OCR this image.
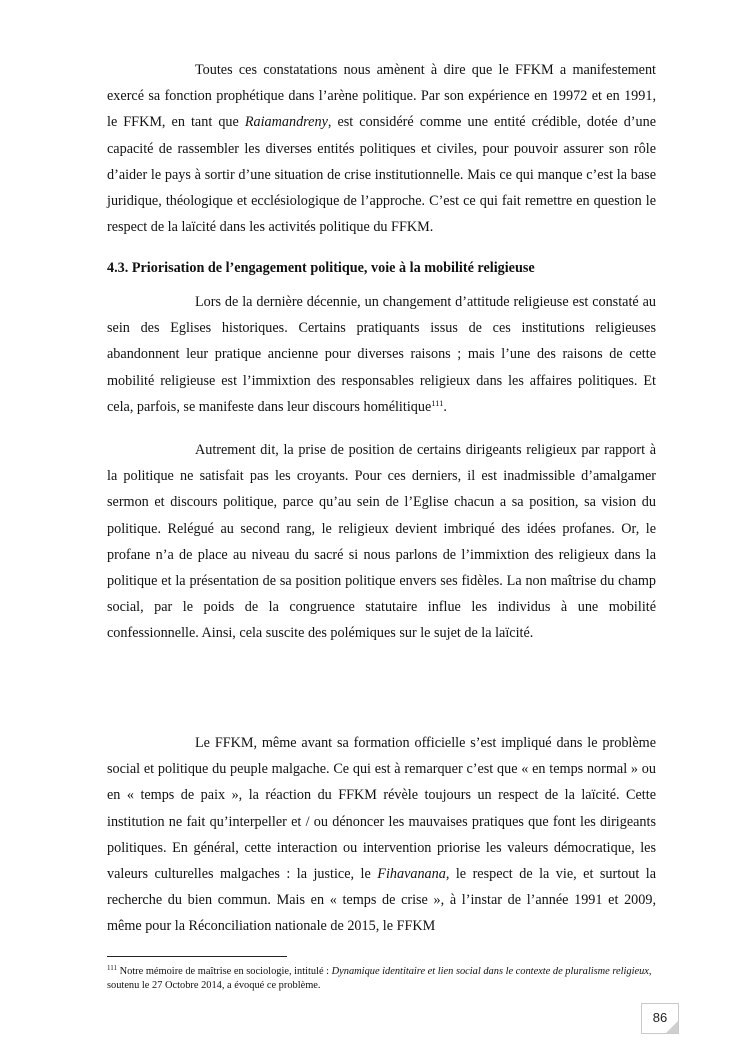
Toutes ces constatations nous amènent à dire que le FFKM a manifestement exercé sa fonction prophétique dans l’arène politique. Par son expérience en 19972 et en 1991, le FFKM, en tant que Raiamandreny, est considéré comme une entité crédible, dotée d’une capacité de rassembler les diverses entités politiques et civiles, pour pouvoir assurer son rôle d’aider le pays à sortir d’une situation de crise institutionnelle. Mais ce qui manque c’est la base juridique, théologique et ecclésiologique de l’approche. C’est ce qui fait remettre en question le respect de la laïcité dans les activités politique du FFKM.

4.3. Priorisation de l’engagement politique, voie à la mobilité religieuse

Lors de la dernière décennie, un changement d’attitude religieuse est constaté au sein des Eglises historiques. Certains pratiquants issus de ces institutions religieuses abandonnent leur pratique ancienne pour diverses raisons ; mais l’une des raisons de cette mobilité religieuse est l’immixtion des responsables religieux dans les affaires politiques. Et cela, parfois, se manifeste dans leur discours homélitique$^{111}$.

Autrement dit, la prise de position de certains dirigeants religieux par rapport à la politique ne satisfait pas les croyants. Pour ces derniers, il est inadmissible d’amalgamer sermon et discours politique, parce qu’au sein de l’Eglise chacun a sa position, sa vision du politique. Relégué au second rang, le religieux devient imbriqué des idées profanes. Or, le profane n’a de place au niveau du sacré si nous parlons de l’immixtion des religieux dans la politique et la présentation de sa position politique envers ses fidèles. La non maîtrise du champ social, par le poids de la congruence statutaire influe les individus à une mobilité confessionnelle. Ainsi, cela suscite des polémiques sur le sujet de la laïcité.

Le FFKM, même avant sa formation officielle s’est impliqué dans le problème social et politique du peuple malgache. Ce qui est à remarquer c’est que « en temps normal » ou en « temps de paix », la réaction du FFKM révèle toujours un respect de la laïcité. Cette institution ne fait qu’interpeller et / ou dénoncer les mauvaises pratiques que font les dirigeants politiques. En général, cette interaction ou intervention priorise les valeurs démocratique, les valeurs culturelles malgaches : la justice, le Fihavanana, le respect de la vie, et surtout la recherche du bien commun. Mais en « temps de crise », à l’instar de l’année 1991 et 2009, même pour la Réconciliation nationale de 2015, le FFKM

$^{111}$ Notre mémoire de maîtrise en sociologie, intitulé : Dynamique identitaire et lien social dans le contexte de pluralisme religieux, soutenu le 27 Octobre 2014, a évoqué ce problème.
86
